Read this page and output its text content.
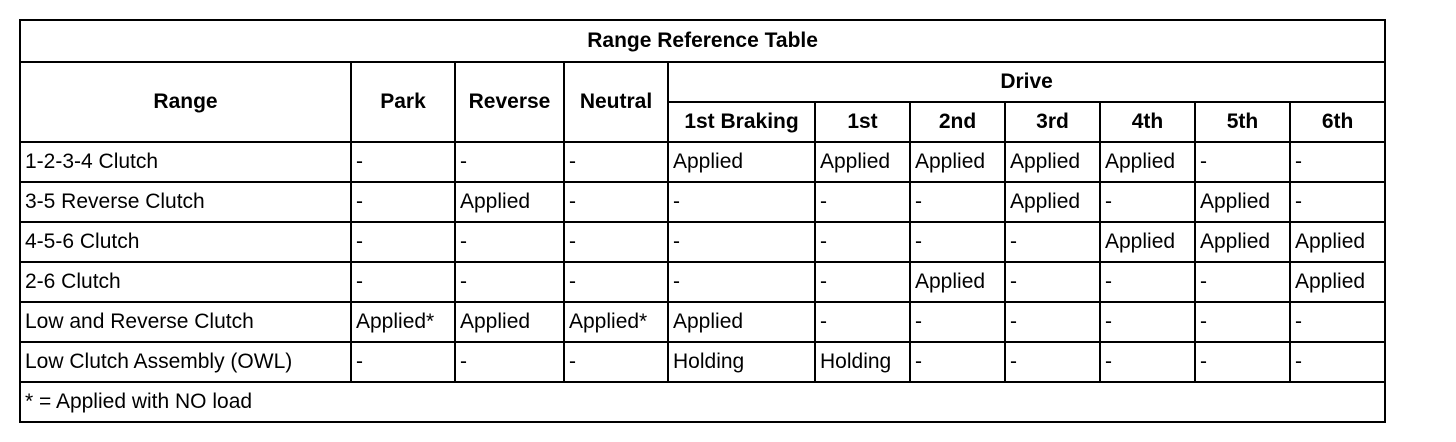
Range Reference Table										
Range	Park	Reverse	Neutral	Drive						
				1st Braking	1st	2nd	3rd	4th	5th	6th
1-2-3-4 Clutch	-	-	-	Applied	Applied	Applied	Applied	Applied	-	-
3-5 Reverse Clutch	-	Applied	-	-	-	-	Applied	-	Applied	-
4-5-6 Clutch	-	-	-	-	-	-	-	Applied	Applied	Applied
2-6 Clutch	-	-	-	-	-	Applied	-	-	-	Applied
Low and Reverse Clutch	Applied*	Applied	Applied*	Applied	-	-	-	-	-	-
Low Clutch Assembly (OWL)	-	-	-	Holding	Holding	-	-	-	-	-
* = Applied with NO load										
